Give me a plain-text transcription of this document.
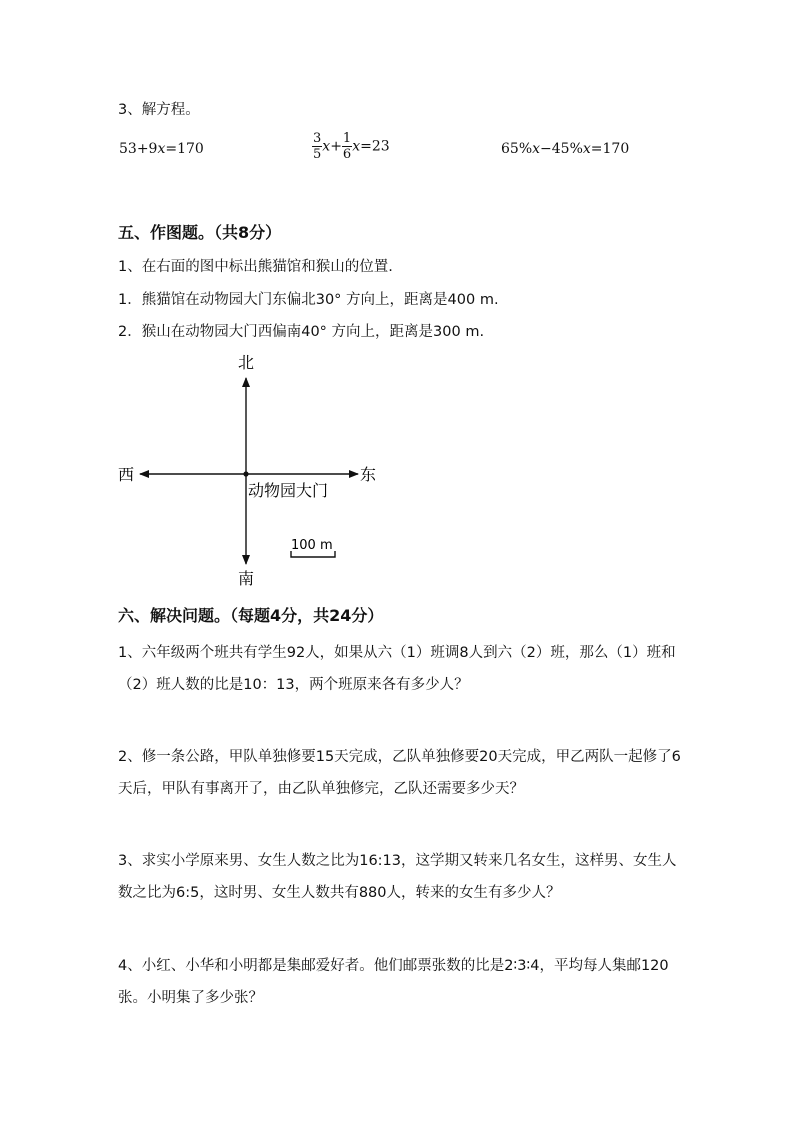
3、解方程。
53+9x=170	$\frac{3}{5} x+ \frac{1}{6} x=23$	65%x−45%x=170
五、作图题。（共8分）
1、在右面的图中标出熊猫馆和猴山的位置.
1．熊猫馆在动物园大门东偏北30° 方向上，距离是400 m.
2．猴山在动物园大门西偏南40° 方向上，距离是300 m.
北
南
东
西
动物园大门
100 m
六、解决问题。（每题4分，共24分）
1、六年级两个班共有学生92人，如果从六（1）班调8人到六（2）班，那么（1）班和（2）班人数的比是10：13，两个班原来各有多少人？
2、修一条公路，甲队单独修要15天完成，乙队单独修要20天完成，甲乙两队一起修了6天后，甲队有事离开了，由乙队单独修完，乙队还需要多少天？
3、求实小学原来男、女生人数之比为16:13，这学期又转来几名女生，这样男、女生人数之比为6:5，这时男、女生人数共有880人，转来的女生有多少人？
4、小红、小华和小明都是集邮爱好者。他们邮票张数的比是2∶3∶4，平均每人集邮120张。小明集了多少张？
